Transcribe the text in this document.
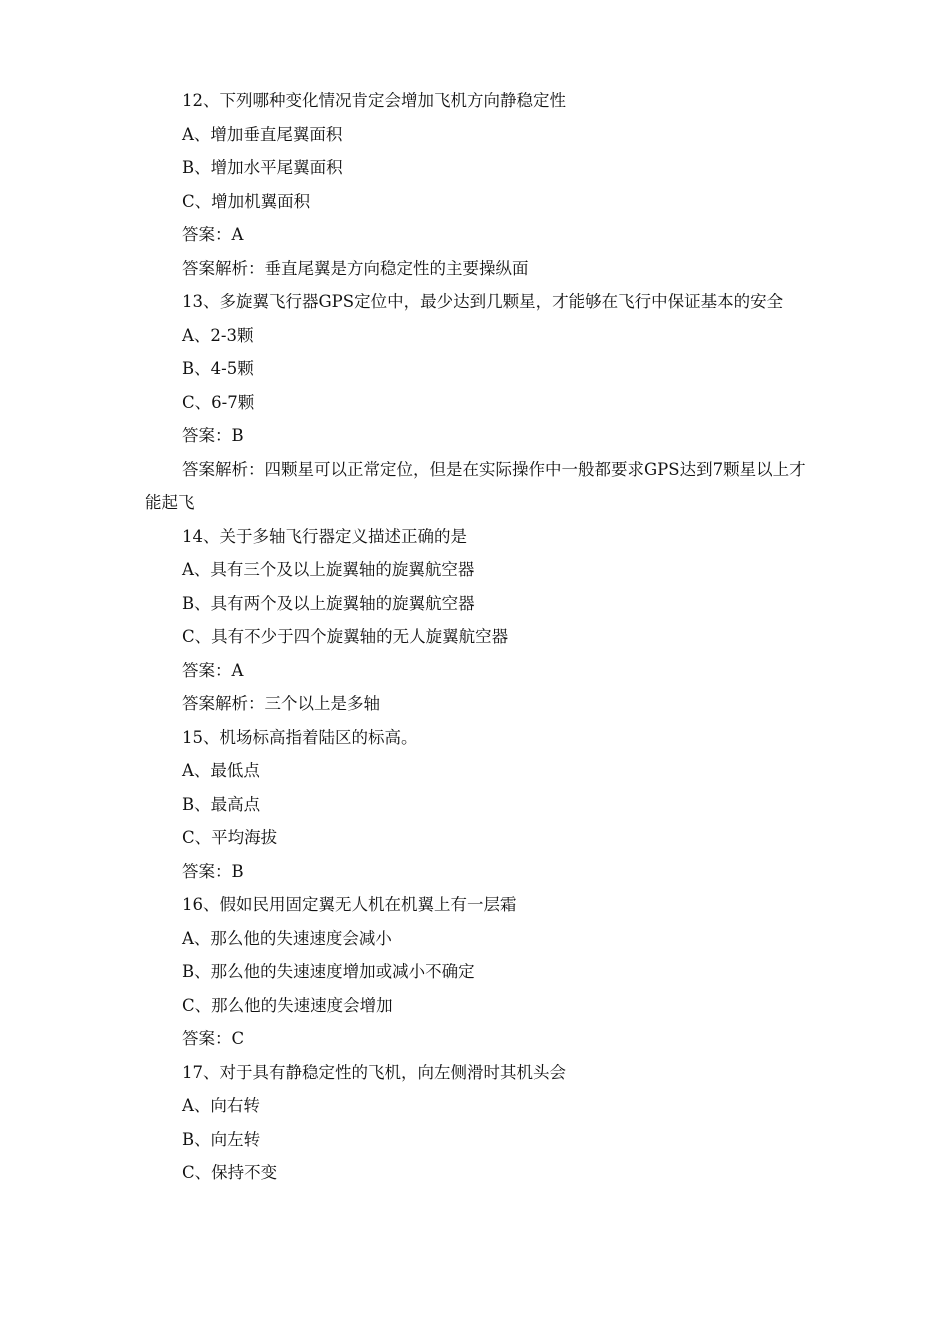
12、下列哪种变化情况肯定会增加飞机方向静稳定性
A、增加垂直尾翼面积
B、增加水平尾翼面积
C、增加机翼面积
答案：A
答案解析：垂直尾翼是方向稳定性的主要操纵面
13、多旋翼飞行器GPS定位中，最少达到几颗星，才能够在飞行中保证基本的安全
A、2-3颗
B、4-5颗
C、6-7颗
答案：B
答案解析：四颗星可以正常定位，但是在实际操作中一般都要求GPS达到7颗星以上才能起飞
14、关于多轴飞行器定义描述正确的是
A、具有三个及以上旋翼轴的旋翼航空器
B、具有两个及以上旋翼轴的旋翼航空器
C、具有不少于四个旋翼轴的无人旋翼航空器
答案：A
答案解析：三个以上是多轴
15、机场标高指着陆区的标高。
A、最低点
B、最高点
C、平均海拔
答案：B
16、假如民用固定翼无人机在机翼上有一层霜
A、那么他的失速速度会减小
B、那么他的失速速度增加或减小不确定
C、那么他的失速速度会增加
答案：C
17、对于具有静稳定性的飞机，向左侧滑时其机头会
A、向右转
B、向左转
C、保持不变
